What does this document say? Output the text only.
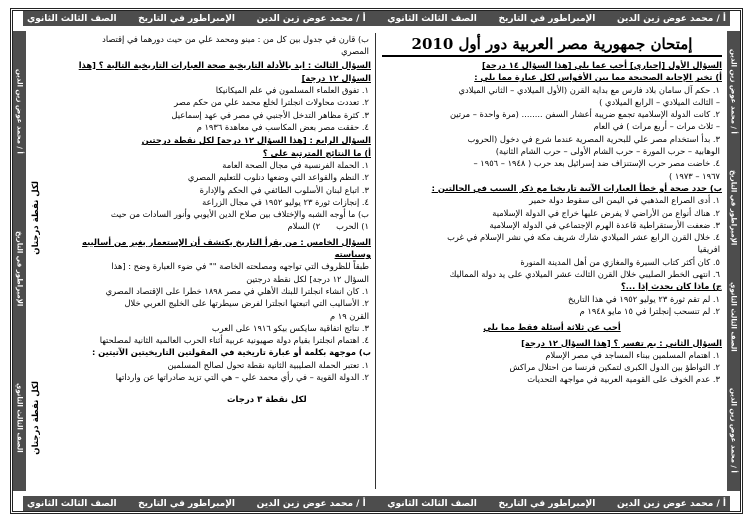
أ / محمد عوض زين الدين
الإمبراطور في التاريخ
الصف الثالث الثانوي
أ / محمد عوض زين الدين
الإمبراطور في التاريخ
الصف الثالث الثانوي
أ / محمد عوض زين الدين
الإمبراطور في التاريخ
الصف الثالث الثانوي
أ / محمد عوض زين الدين
الإمبراطور في التاريخ
الصف الثالث الثانوي
أ / محمد عوض زين الدين
الإمبراطور في التاريخ
الصف الثالث الثانوي
أ / محمد عوض زين الدين
الإمبراطور في التاريخ
الصف الثالث الثانوي
أ / محمد عوض زين الدين
إمتحان جمهورية مصر العربية دور أول 2010

السؤال الأول [إجباري] أجب عما يلي [هذا السؤال ١٤ درجة]

أ) تخير الإجابة الصحيحة مما بين الأقواس لكل عبارة مما يلي :

١. حكم آل سامان بلاد فارس مع بداية القرن (الأول الميلادي – الثاني الميلادي

– الثالث الميلادي – الرابع الميلادي )

٢. كانت الدولة الإسلامية تجمع ضريبة أعشار السفن ........ (مرة واحدة – مرتين

– ثلاث مرات – أربع مرات ) في العام

٣. بدأ استخدام مصر علي للبحرية المصرية عندما شرع في دخول (الحروب

الوهابية – حرب المورة – حرب الشام الأولى – حرب الشام الثانية)

٤. خاضت مصر حرب الإستنزاف ضد إسرائيل بعد حرب ( ١٩٤٨ – ١٩٥٦ –

١٩٦٧ – ١٩٧٣ )

ب) حدد صحة أو خطأ العبارات الآتية تاريخيا مع ذكر السبب في الحالتين :

١. أدى الصراع المذهبي في اليمن الى سقوط دولة حمير

٢. هناك أنواع من الأراضي لا يفرض عليها خراج في الدولة الإسلامية

٣. ضعفت الأرستقراطية قاعدة الهرم الإجتماعي في الدولة الإسلامية

٤. خلال القرن الرابع عشر الميلادي شارك شريف مكة في نشر الإسلام في غرب

افريقيا

٥. كان أكثر كتاب السيرة والمغازي من أهل المدينة المنورة

٦. انتهى الخطر الصليبي خلال القرن الثالث عشر الميلادي على يد دولة المماليك

ج) ماذا كان يحدث إذا ...؟

١. لم تقم ثورة ٢٣ يوليو ١٩٥٢ في هذا التاريخ

٢. لم تنسحب إنجلترا في ١٥ مايو ١٩٤٨ م

أجب عن ثلاثة أسئلة فقط مما يلي

السؤال الثاني : بم تفسر ؟ [هذا السؤال ١٢ درجة]

١. اهتمام المسلمين ببناء المساجد في مصر الإسلام

٢. التواطؤ بين الدول الكبرى لتمكين فرنسا من احتلال مراكش

٣. عدم الخوف على القومية العربية في مواجهة التحديات

لكل نقطة ٣ درجات

ب) قارن في جدول بين كل من : مينو ومحمد علي من حيث دورهما في إقتصاد

المصري

السؤال الثالث : ايد بالأدلة التاريخية صحة العبارات التاريخية التالية ؟ [هذا

السؤال ١٢ درجة]

١. تفوق العلماء المسلمون في علم الميكانيكا

٢. تعددت محاولات انجلترا لخلع محمد علي من حكم مصر

٣. كثرة مظاهر التدخل الأجنبي في مصر في عهد إسماعيل

٤. حققت مصر بعض المكاسب في معاهدة ١٩٣٦ م

السؤال الرابع : [هذا السؤال ١٢ درجة] لكل نقطة درجتين

أ) ما النتائج المترتبة على ؟

١. الحملة الفرنسية في مجال الصحة العامة

٢. النظم والقواعد التي وضعها دنلوب للتعليم المصري

٣. اتباع لبنان الأسلوب الطائفي في الحكم والإدارة

٤. إنجازات ثورة ٢٣ يوليو ١٩٥٢ في مجال الزراعة

ب) ما أوجه الشبه والإختلاف بين صلاح الدين الأيوبي وأنور السادات من حيث

١) الحرب      ٢) السلام

السؤال الخامس : من يقرأ التاريخ يكتشف أن الإستعمار يغير من أساليبه وسياسته

طبقاً للظروف التي تواجهه ومصلحته الخاصة "" في ضوء العبارة وضح : [هذا

السؤال ١٢ درجة] لكل نقطة درجتين

١. كان انشاء انجلترا للبنك الأهلي في مصر ١٨٩٨ خطرا على الإقتصاد المصري

٢. الأساليب التي اتبعتها انجلترا لفرض سيطرتها على الخليج العربي خلال

القرن ١٩ م

٣. نتائج اتفاقية سايكس بيكو ١٩١٦ على العرب

٤. اهتمام انجلترا بقيام دولة صهيونية عربية أثناء الحرب العالمية الثانية لمصلحتها

ب) موجهة بكلمة أو عبارة تاريخية في المقولتين التاريخيتين الآتيتين :

١. تعتبر الحملة الصليبية الثانية نقطة تحول لصالح المسلمين

٢. الدولة القوية – في رأي محمد علي – هي التي تزيد صادراتها عن وارداتها

لكل نقطة درجتان
لكل نقطة درجتان
